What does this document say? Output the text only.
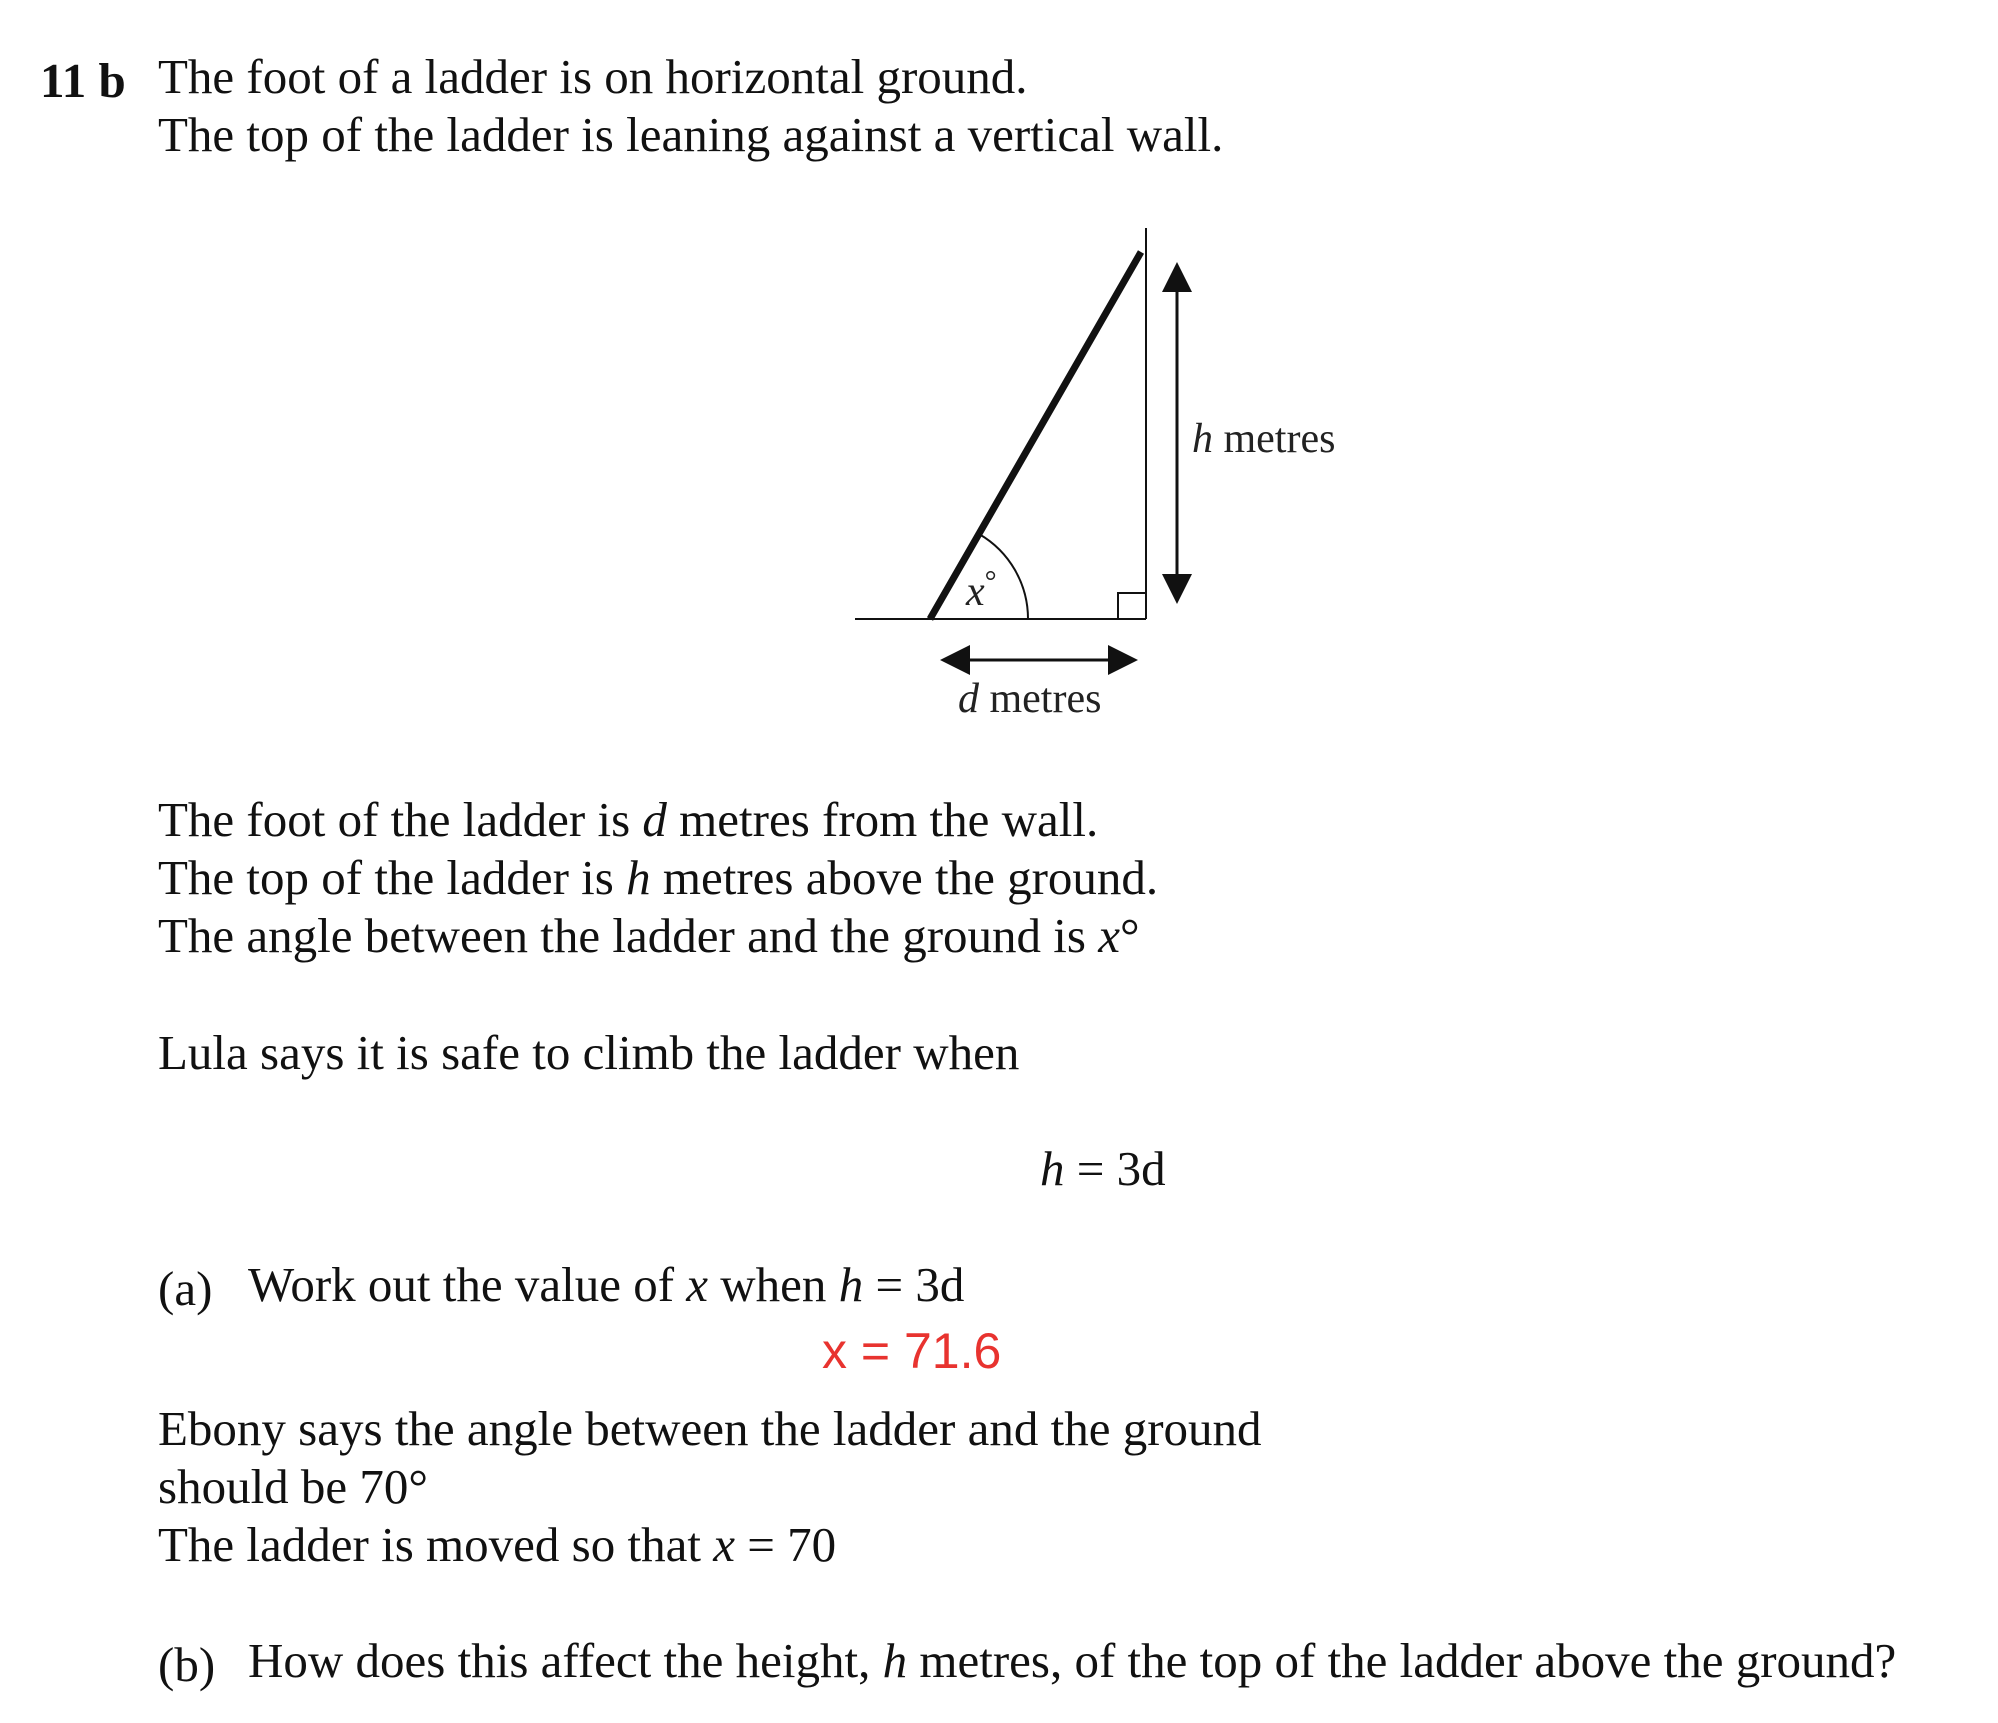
11 b The foot of a ladder is on horizontal ground.
The top of the ladder is leaning against a vertical wall.
h metres
d metres
x°
The foot of the ladder is d metres from the wall.
The top of the ladder is h metres above the ground.
The angle between the ladder and the ground is x°
Lula says it is safe to climb the ladder when
h = 3d
(a) Work out the value of x when h = 3d
x = 71.6
Ebony says the angle between the ladder and the ground
should be 70°
The ladder is moved so that x = 70
(b) How does this affect the height, h metres, of the top of the ladder above the ground?
